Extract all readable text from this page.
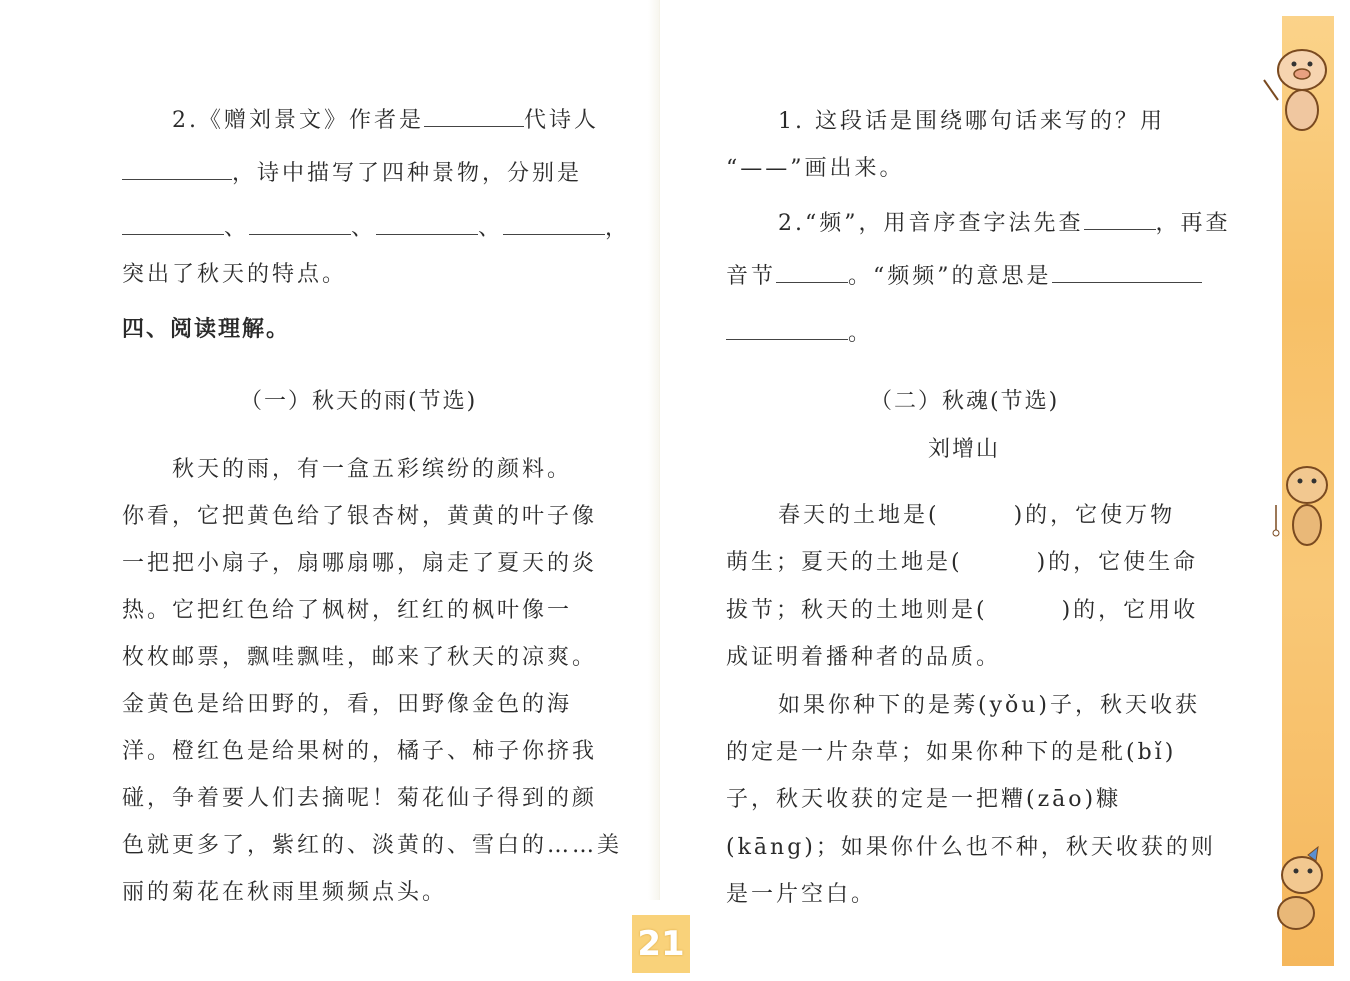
2.《赠刘景文》作者是	代诗人
，诗中描写了四种景物，分别是
、	、	、	，
突出了秋天的特点。
四、阅读理解。
（一）秋天的雨(节选)
秋天的雨，有一盒五彩缤纷的颜料。
你看，它把黄色给了银杏树，黄黄的叶子像
一把把小扇子，扇哪扇哪，扇走了夏天的炎
热。它把红色给了枫树，红红的枫叶像一
枚枚邮票，飘哇飘哇，邮来了秋天的凉爽。
金黄色是给田野的，看，田野像金色的海
洋。橙红色是给果树的，橘子、柿子你挤我
碰，争着要人们去摘呢！菊花仙子得到的颜
色就更多了，紫红的、淡黄的、雪白的……美
丽的菊花在秋雨里频频点头。
1. 这段话是围绕哪句话来写的？用
“——”画出来。
2.“频”，用音序查字法先查	，再查
音节	。“频频”的意思是
。
（二）秋魂(节选)
刘增山
春天的土地是(	)的，它使万物
萌生；夏天的土地是(	)的，它使生命
拔节；秋天的土地则是(	)的，它用收
成证明着播种者的品质。
如果你种下的是莠(yǒu)子，秋天收获
的定是一片杂草；如果你种下的是秕(bǐ)
子，秋天收获的定是一把糟(zāo)糠
(kāng)；如果你什么也不种，秋天收获的则
是一片空白。
21
